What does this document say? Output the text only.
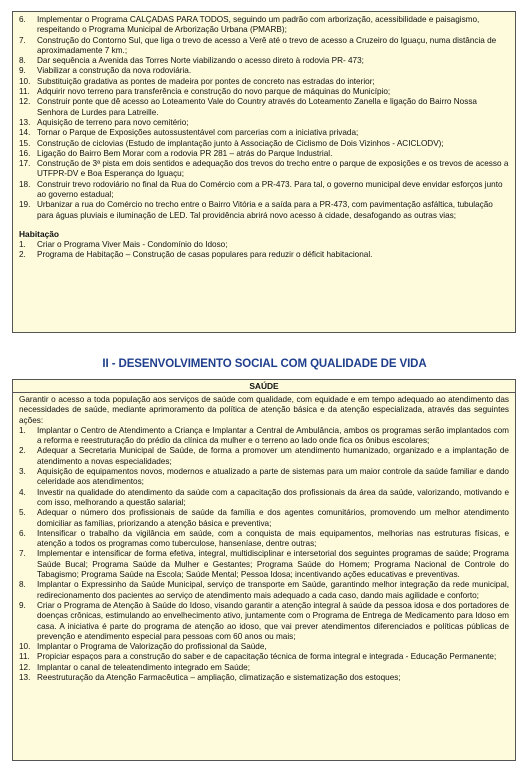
6.	Implementar o Programa CALÇADAS PARA TODOS, seguindo um padrão com arborização, acessibilidade e paisagismo, respeitando o Programa Municipal de Arborização Urbana (PMARB);
7.	Construção do Contorno Sul, que liga o trevo de acesso a Verê até o trevo de acesso a Cruzeiro do Iguaçu, numa distância de aproximadamente 7 km.;
8.	Dar sequência a Avenida das Torres Norte viabilizando o acesso direto à rodovia PR- 473;
9.	Viabilizar a construção da nova rodoviária.
10. Substituição gradativa as pontes de madeira por pontes de concreto nas estradas do interior;
11. Adquirir novo terreno para transferência e construção do novo parque de máquinas do Município;
12. Construir ponte que dê acesso ao Loteamento Vale do Country através do Loteamento Zanella e ligação do Bairro Nossa Senhora de Lurdes para Latreille.
13. Aquisição de terreno para novo cemitério;
14. Tornar o Parque de Exposições autossustentável com parcerias com a iniciativa privada;
15. Construção de ciclovias (Estudo de implantação junto à Associação de Ciclismo de Dois Vizinhos - ACICLODV);
16. Ligação do Bairro Bem Morar com a rodovia PR 281 – atrás do Parque Industrial.
17. Construção de 3ª pista em dois sentidos e adequação dos trevos do trecho entre o parque de exposições e os trevos de acesso a UTFPR-DV e Boa Esperança do Iguaçu;
18. Construir trevo rodoviário no final da Rua do Comércio com a PR-473. Para tal, o governo municipal deve envidar esforços junto ao governo estadual;
19. Urbanizar a rua do Comércio no trecho entre o Bairro Vitória e a saída para a PR-473, com pavimentação asfáltica, tubulação para águas pluviais e iluminação de LED. Tal providência abrirá novo acesso à cidade, desafogando as outras vias;
Habitação
1.	Criar o Programa Viver Mais - Condomínio do Idoso;
2.	Programa de Habitação – Construção de casas populares para reduzir o déficit habitacional.
II - DESENVOLVIMENTO SOCIAL COM QUALIDADE DE VIDA
SAÚDE
Garantir o acesso a toda população aos serviços de saúde com qualidade, com equidade e em tempo adequado ao atendimento das necessidades de saúde, mediante aprimoramento da política de atenção básica e da atenção especializada, através das seguintes ações:
1.	Implantar o Centro de Atendimento a Criança e Implantar a Central de Ambulância, ambos os programas serão implantados com a reforma e reestruturação do prédio da clínica da mulher e o terreno ao lado onde fica os ônibus escolares;
2.	Adequar a Secretaria Municipal de Saúde, de forma a promover um atendimento humanizado, organizado e a implantação de atendimento a novas especialidades;
3.	Aquisição de equipamentos novos, modernos e atualizado a parte de sistemas para um maior controle da saúde familiar e dando celeridade aos atendimentos;
4.	Investir na qualidade do atendimento da saúde com a capacitação dos profissionais da área da saúde, valorizando, motivando e com isso, melhorando a questão salarial;
5.	Adequar o número dos profissionais de saúde da família e dos agentes comunitários, promovendo um melhor atendimento domiciliar as famílias, priorizando a atenção básica e preventiva;
6.	Intensificar o trabalho da vigilância em saúde, com a conquista de mais equipamentos, melhorias nas estruturas físicas, e atenção a todos os programas como tuberculose, hanseníase, dentre outras;
7.	Implementar e intensificar de forma efetiva, integral, multidisciplinar e intersetorial dos seguintes programas de saúde; Programa Saúde Bucal; Programa Saúde da Mulher e Gestantes; Programa Saúde do Homem; Programa Nacional de Controle do Tabagismo; Programa Saúde na Escola; Saúde Mental; Pessoa Idosa; incentivando ações educativas e preventivas.
8.	Implantar o Expressinho da Saúde Municipal, serviço de transporte em Saúde, garantindo melhor integração da rede municipal, redirecionamento dos pacientes ao serviço de atendimento mais adequado a cada caso, dando mais agilidade e conforto;
9.	Criar o Programa de Atenção à Saúde do Idoso, visando garantir a atenção integral à saúde da pessoa idosa e dos portadores de doenças crônicas, estimulando ao envelhecimento ativo, juntamente com o Programa de Entrega de Medicamento para Idoso em casa. A iniciativa é parte do programa de atenção ao idoso, que vai prever atendimentos diferenciados e políticas públicas de prevenção e atendimento especial para pessoas com 60 anos ou mais;
10. Implantar o Programa de Valorização do profissional da Saúde,
11. Propiciar espaços para a construção do saber e de capacitação técnica de forma integral e integrada - Educação Permanente;
12. Implantar o canal de teleatendimento integrado em Saúde;
13. Reestruturação da Atenção Farmacêutica – ampliação, climatização e sistematização dos estoques;
